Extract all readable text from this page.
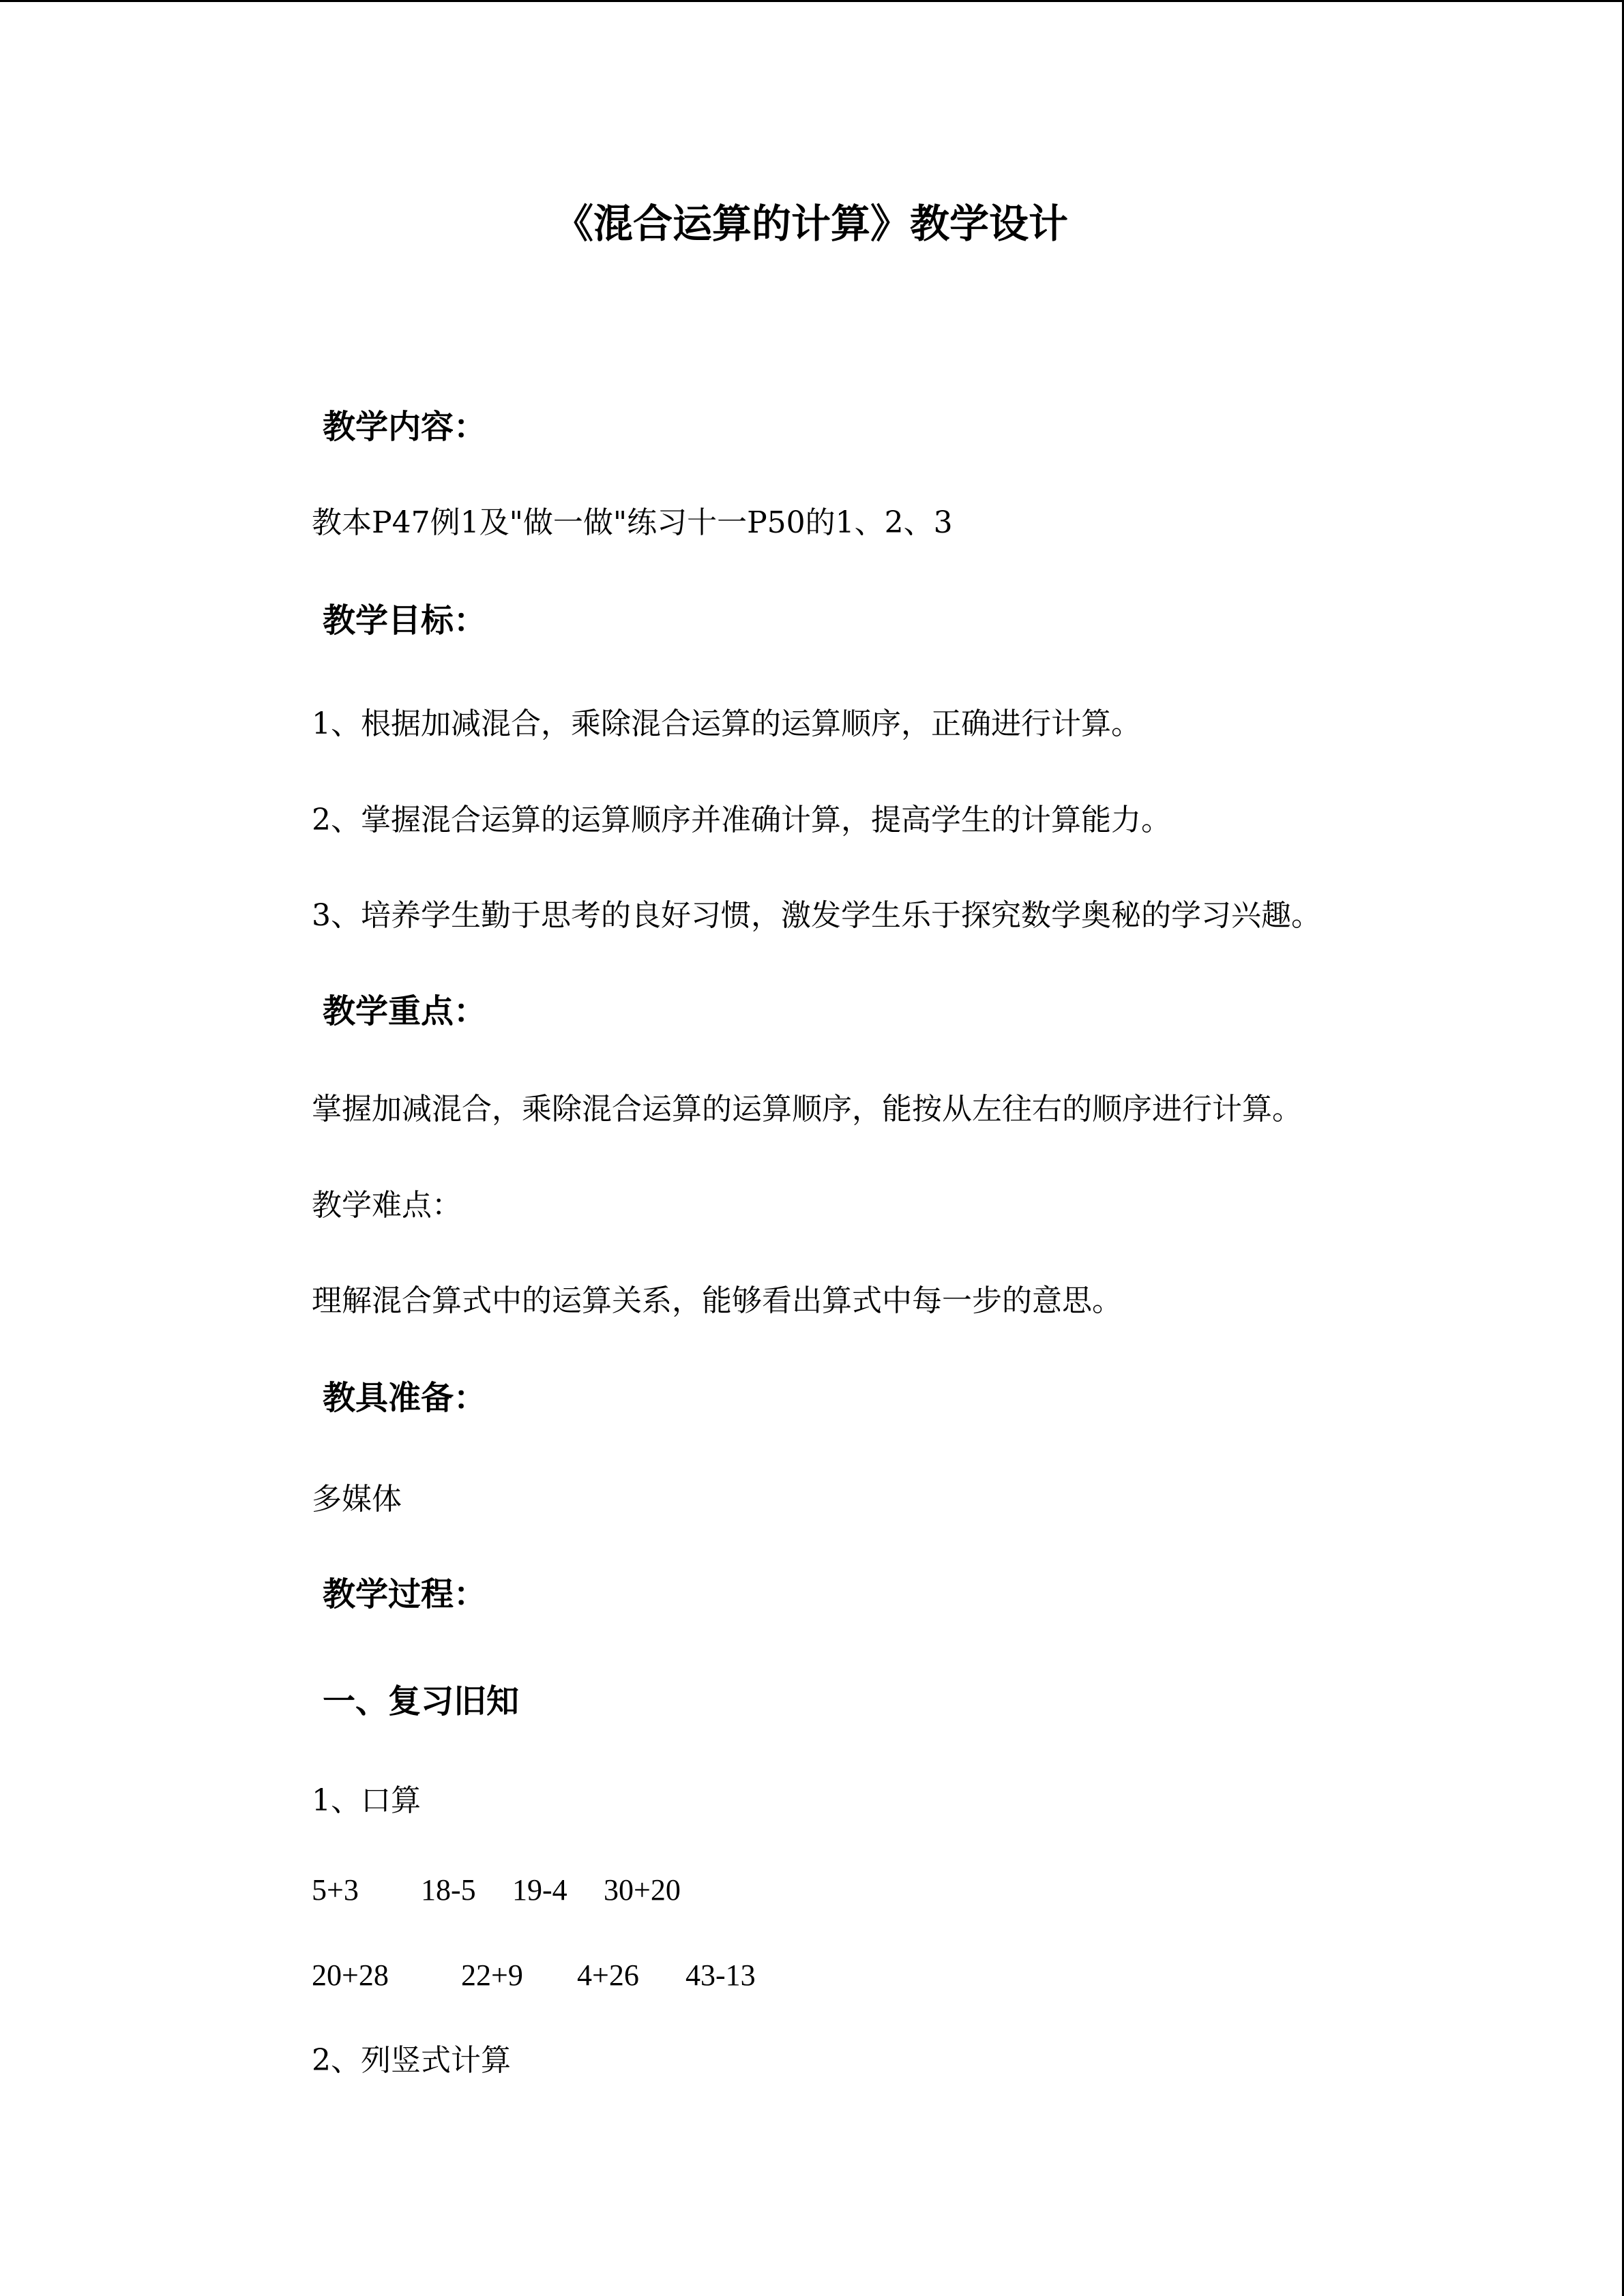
《混合运算的计算》教学设计
教学内容：

教本P47例1及"做一做"练习十一P50的1、2、3

教学目标：

1、根据加减混合，乘除混合运算的运算顺序，正确进行计算。

2、掌握混合运算的运算顺序并准确计算，提高学生的计算能力。

3、培养学生勤于思考的良好习惯，激发学生乐于探究数学奥秘的学习兴趣。

教学重点：

掌握加减混合，乘除混合运算的运算顺序，能按从左往右的顺序进行计算。

教学难点：

理解混合算式中的运算关系，能够看出算式中每一步的意思。

教具准备：

多媒体

教学过程：
一、复习旧知

1、口算

5+3 18-5 19-4 30+20
20+28 22+9 4+26 43-13

2、列竖式计算
